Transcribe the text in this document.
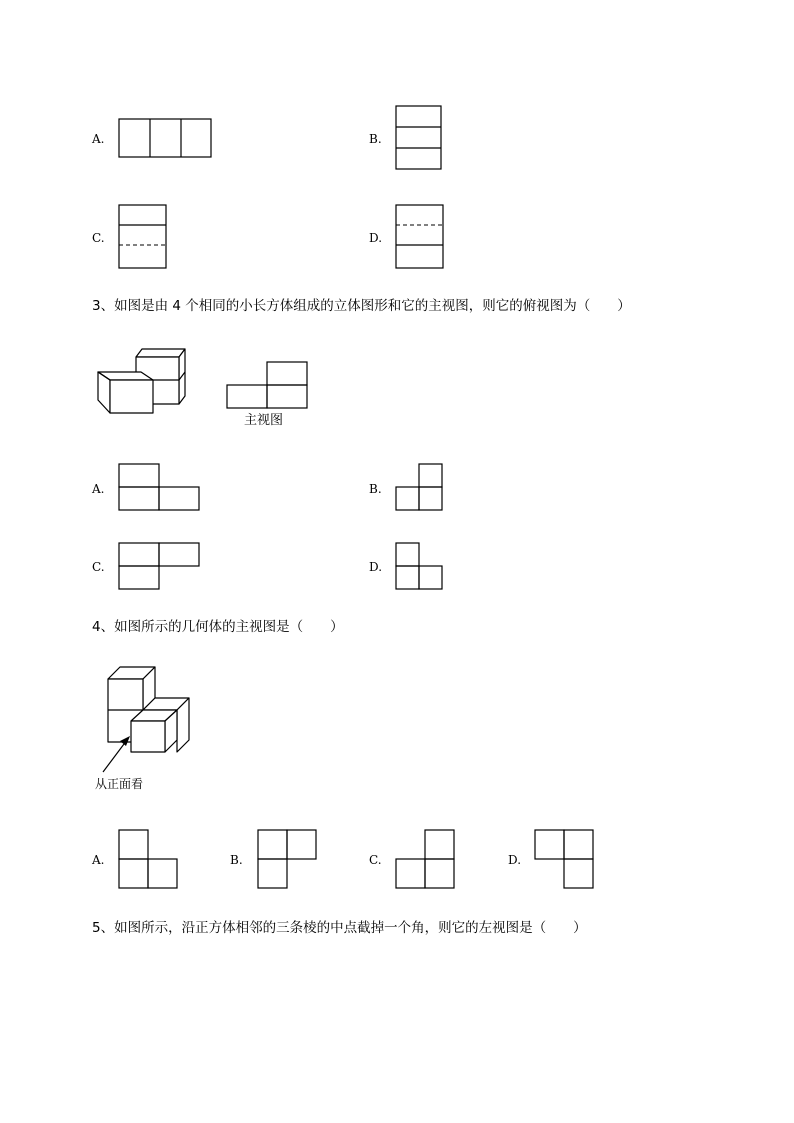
A.	B.
C.	D.
3、如图是由 4 个相同的小长方体组成的立体图形和它的主视图，则它的俯视图为（　　）
主视图
A.	B.
C.	D.
4、如图所示的几何体的主视图是（　　）
从正面看
A.	B.	C.	D.
5、如图所示，沿正方体相邻的三条棱的中点截掉一个角，则它的左视图是（　　）
